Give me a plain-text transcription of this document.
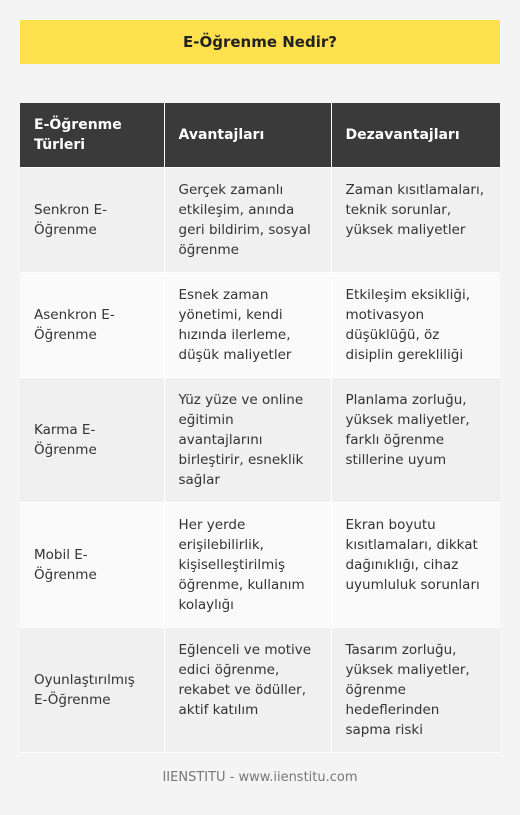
E-Öğrenme Nedir?
E-Öğrenme Türleri	Avantajları	Dezavantajları
Senkron E-Öğrenme	Gerçek zamanlı etkileşim, anında geri bildirim, sosyal öğrenme	Zaman kısıtlamaları, teknik sorunlar, yüksek maliyetler
Asenkron E-Öğrenme	Esnek zaman yönetimi, kendi hızında ilerleme, düşük maliyetler	Etkileşim eksikliği, motivasyon düşüklüğü, öz disiplin gerekliliği
Karma E-Öğrenme	Yüz yüze ve online eğitimin avantajlarını birleştirir, esneklik sağlar	Planlama zorluğu, yüksek maliyetler, farklı öğrenme stillerine uyum
Mobil E-Öğrenme	Her yerde erişilebilirlik, kişiselleştirilmiş öğrenme, kullanım kolaylığı	Ekran boyutu kısıtlamaları, dikkat dağınıklığı, cihaz uyumluluk sorunları
Oyunlaştırılmış E-Öğrenme	Eğlenceli ve motive edici öğrenme, rekabet ve ödüller, aktif katılım	Tasarım zorluğu, yüksek maliyetler, öğrenme hedeflerinden sapma riski
IIENSTITU - www.iienstitu.com
